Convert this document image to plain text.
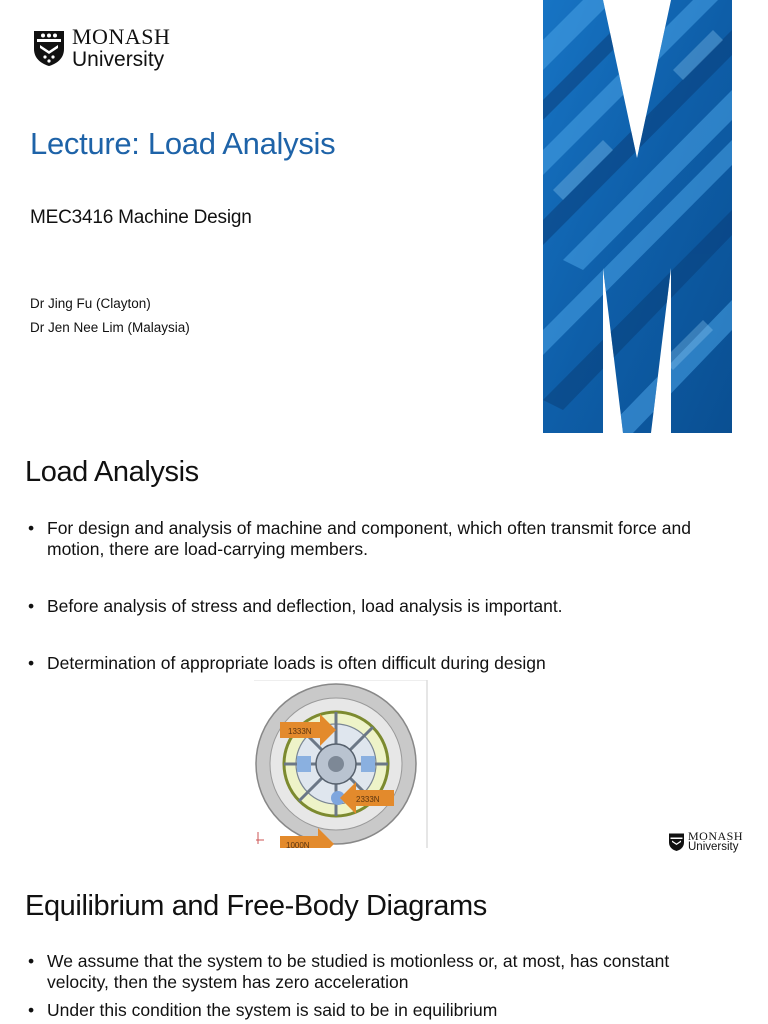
MONASH
University
Lecture: Load Analysis
MEC3416 Machine Design
Dr Jing Fu (Clayton)
Dr Jen Nee Lim (Malaysia)
Load Analysis
• For design and analysis of machine and component, which often transmit force and motion, there are load-carrying members.
• Before analysis of stress and deflection, load analysis is important.
• Determination of appropriate loads is often difficult during design
1333N
2333N
1000N
MONASH
University
Equilibrium and Free-Body Diagrams
• We assume that the system to be studied is motionless or, at most, has constant velocity, then the system has zero acceleration
• Under this condition the system is said to be in equilibrium
